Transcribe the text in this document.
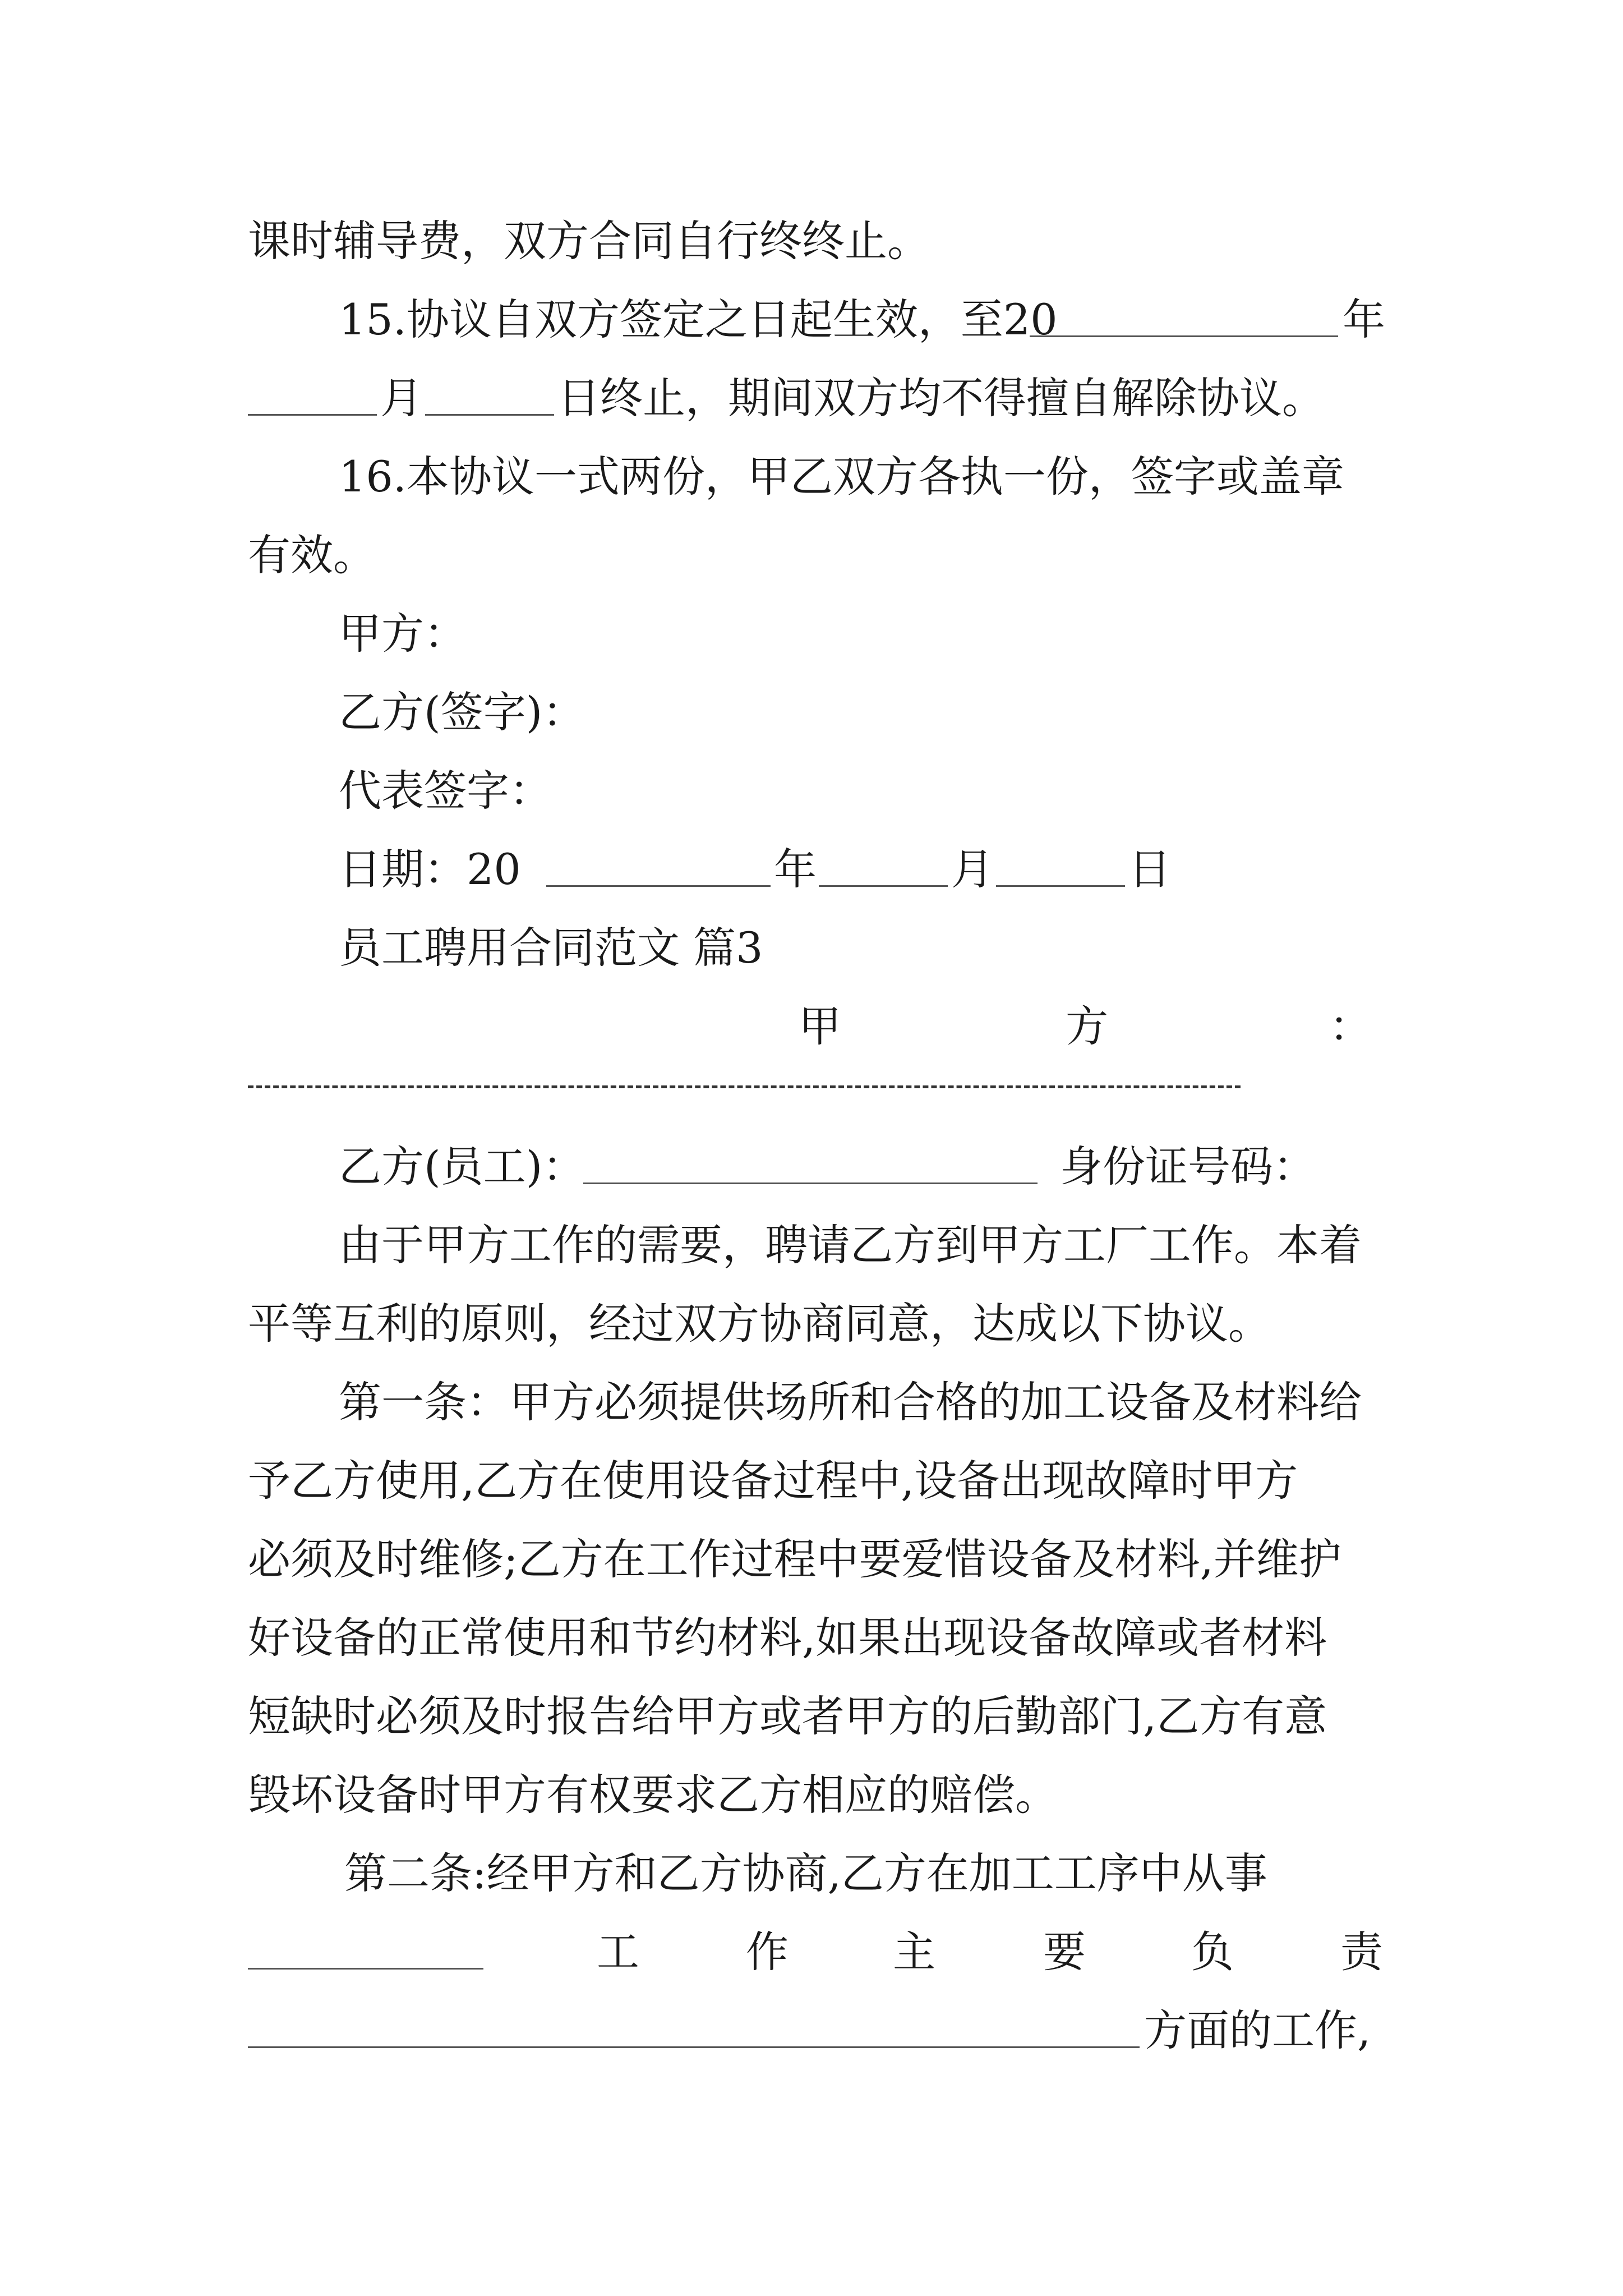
课时辅导费，双方合同自行终终止。
15.协议自双方签定之日起生效，至20	年
月	日终止，期间双方均不得擅自解除协议。
16.本协议一式两份，甲乙双方各执一份，签字或盖章
有效。
甲方：
乙方(签字)：
代表签字：
日期：20	年	月	日
员工聘用合同范文 篇3
甲	方	：
乙方(员工)：	身份证号码：
由于甲方工作的需要，聘请乙方到甲方工厂工作。本着
平等互利的原则，经过双方协商同意，达成以下协议。
第一条：甲方必须提供场所和合格的加工设备及材料给
予乙方使用,乙方在使用设备过程中,设备出现故障时甲方
必须及时维修;乙方在工作过程中要爱惜设备及材料,并维护
好设备的正常使用和节约材料,如果出现设备故障或者材料
短缺时必须及时报告给甲方或者甲方的后勤部门,乙方有意
毁坏设备时甲方有权要求乙方相应的赔偿。
第二条:经甲方和乙方协商,乙方在加工工序中从事
工	作 主	要 负	责
方面的工作,
